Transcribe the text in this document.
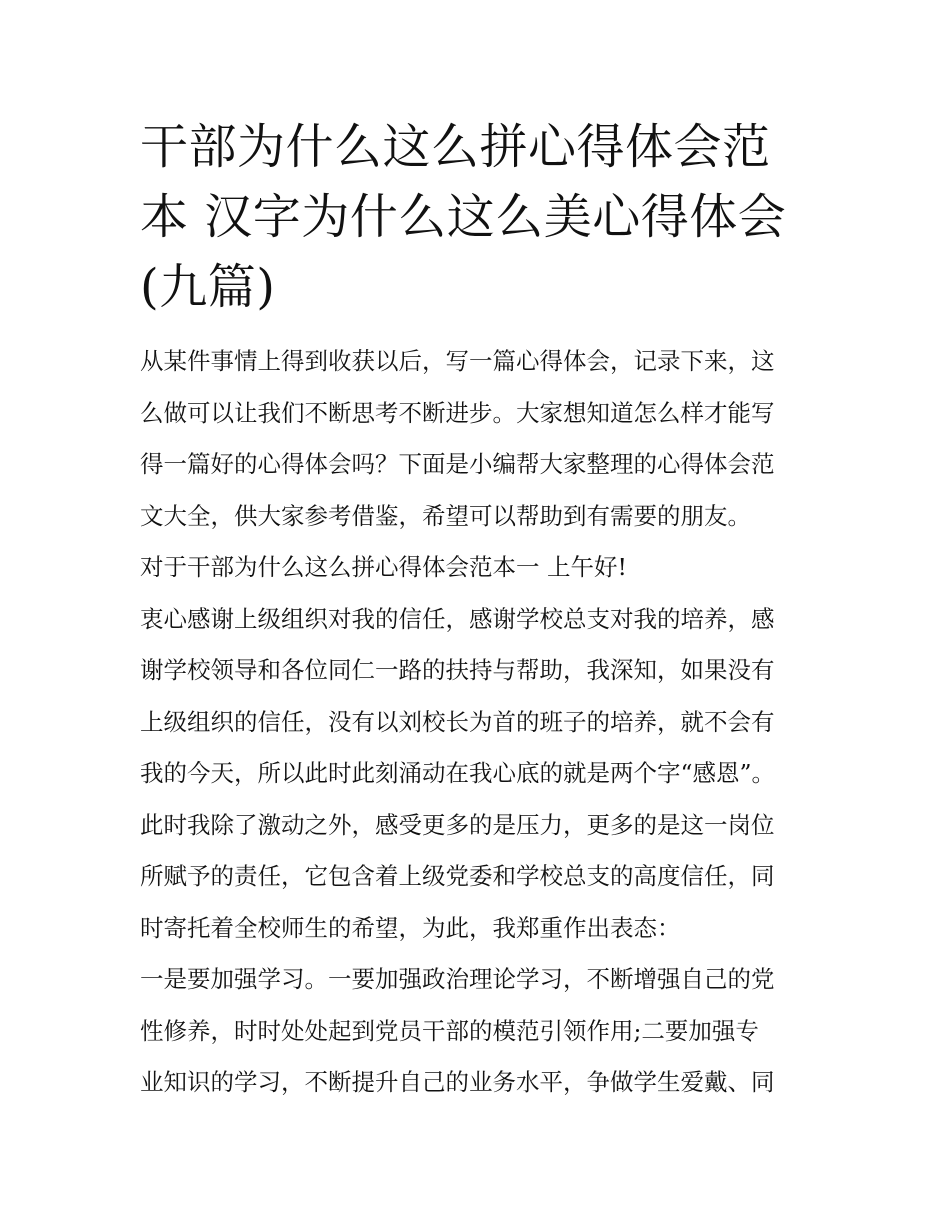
干部为什么这么拼心得体会范
本 汉字为什么这么美心得体会
(九篇)
从某件事情上得到收获以后，写一篇心得体会，记录下来，这
么做可以让我们不断思考不断进步。大家想知道怎么样才能写
得一篇好的心得体会吗？下面是小编帮大家整理的心得体会范
文大全，供大家参考借鉴，希望可以帮助到有需要的朋友。
对于干部为什么这么拼心得体会范本一 上午好!
衷心感谢上级组织对我的信任，感谢学校总支对我的培养，感
谢学校领导和各位同仁一路的扶持与帮助，我深知，如果没有
上级组织的信任，没有以刘校长为首的班子的培养，就不会有
我的今天，所以此时此刻涌动在我心底的就是两个字“感恩”。
此时我除了激动之外，感受更多的是压力，更多的是这一岗位
所赋予的责任，它包含着上级党委和学校总支的高度信任，同
时寄托着全校师生的希望，为此，我郑重作出表态：
一是要加强学习。一要加强政治理论学习，不断增强自己的党
性修养，时时处处起到党员干部的模范引领作用;二要加强专
业知识的学习，不断提升自己的业务水平，争做学生爱戴、同
